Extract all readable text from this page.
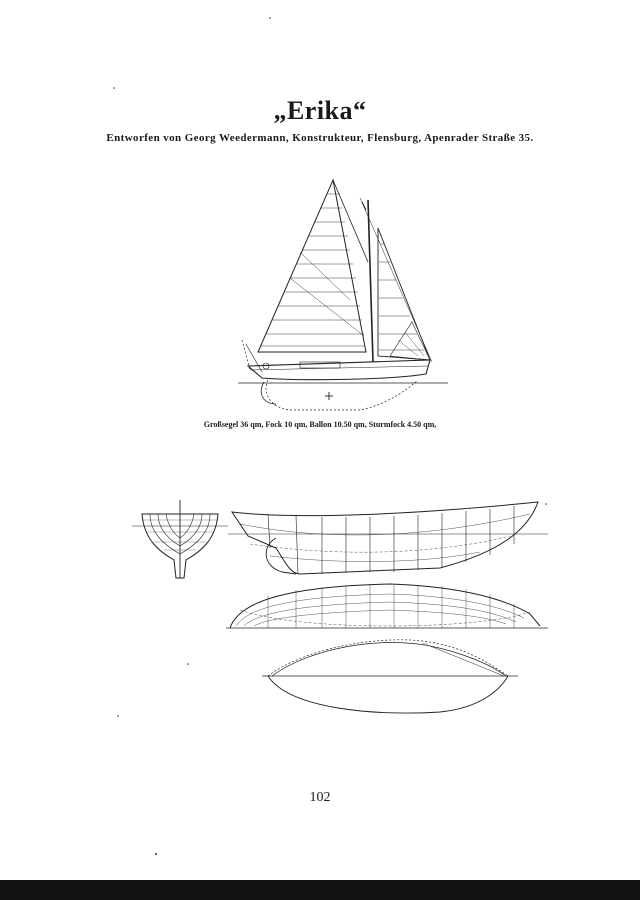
„Erika“
Entworfen von Georg Weedermann, Konstrukteur, Flensburg, Apenrader Straße 35.
Großsegel 36 qm, Fock 10 qm, Ballon 10.50 qm, Sturmfock 4.50 qm,
102
